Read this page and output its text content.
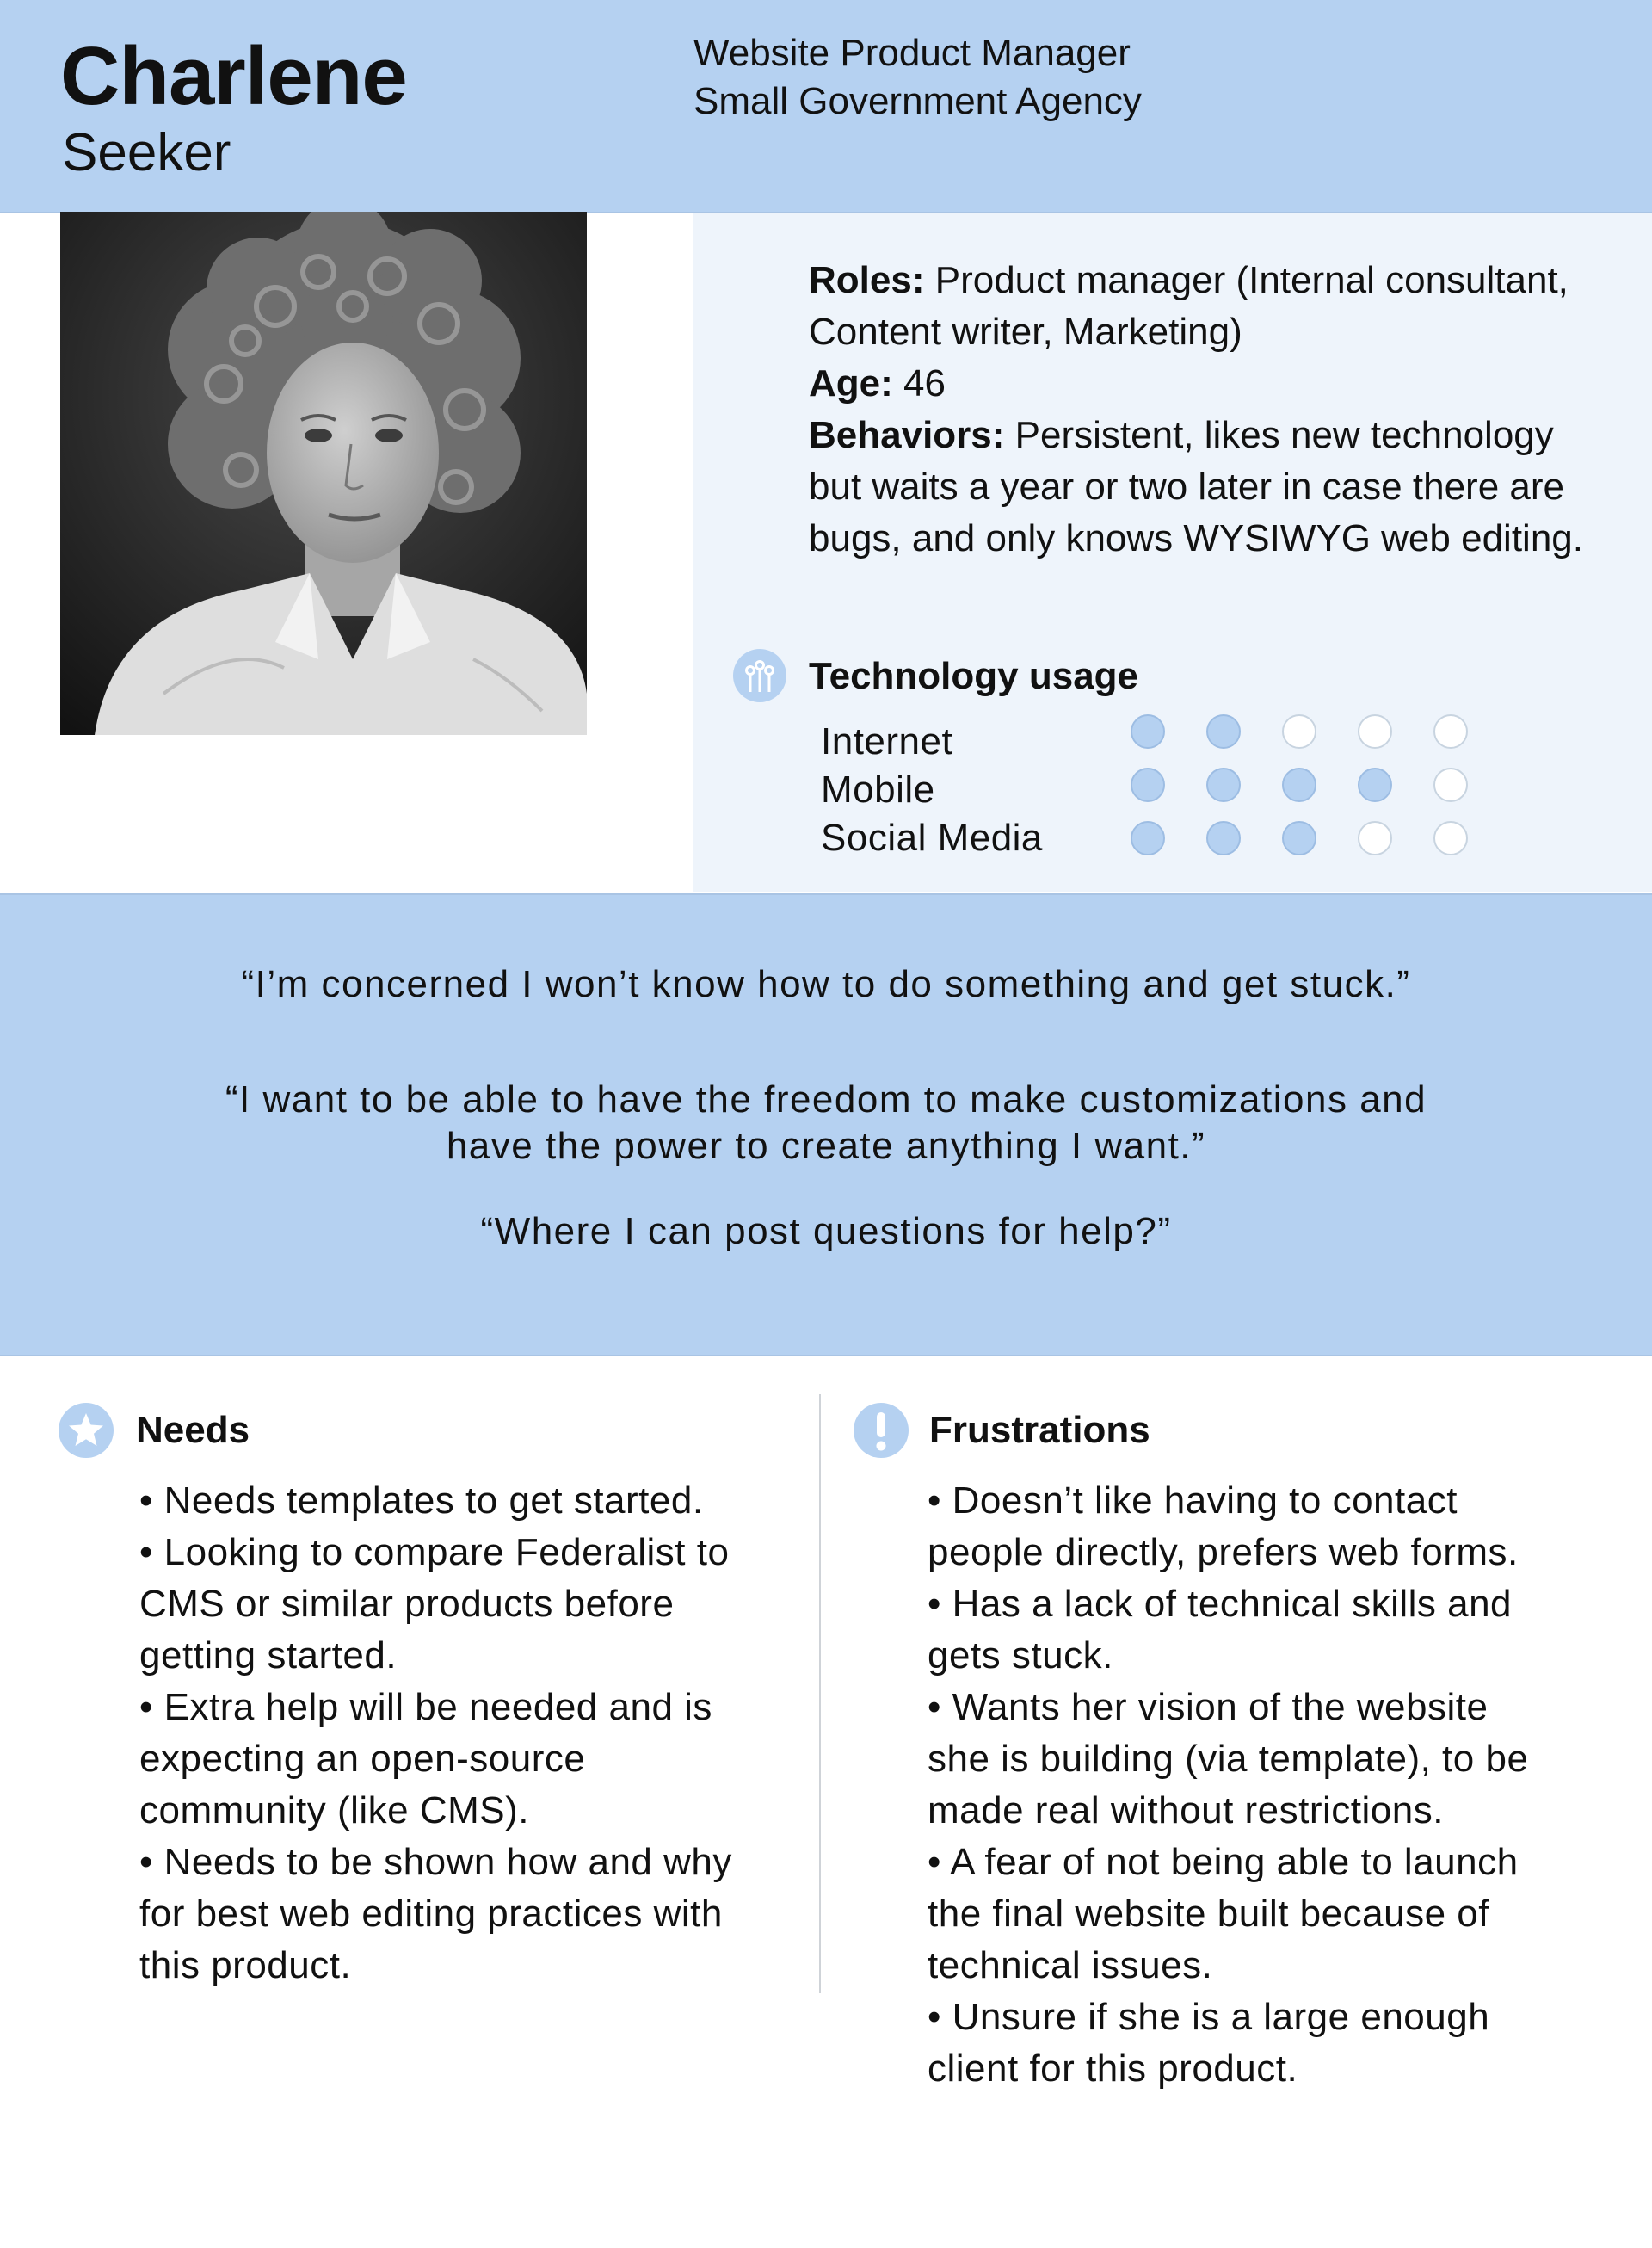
Charlene
Seeker
Website Product Manager
Small Government Agency

Roles: Product manager (Internal consultant, Content writer, Marketing)

Age: 46

Behaviors: Persistent, likes new technology but waits a year or two later in case there are bugs, and only knows WYSIWYG web editing.

Technology usage
Internet
Mobile
Social Media
“I’m concerned I won’t know how to do something and get stuck.”
“I want to be able to have the freedom to make customizations and
have the power to create anything I want.”
“Where I can post questions for help?”
Needs

• Needs templates to get started.

• Looking to compare Federalist to

CMS or similar products before

getting started.

• Extra help will be needed and is

expecting an open-source

community (like CMS).

• Needs to be shown how and why

for best web editing practices with

this product.

Frustrations

• Doesn’t like having to contact

people directly, prefers web forms.

• Has a lack of technical skills and

gets stuck.

• Wants her vision of the website

she is building (via template), to be

made real without restrictions.

• A fear of not being able to launch

the final website built because of

technical issues.

• Unsure if she is a large enough

client for this product.
